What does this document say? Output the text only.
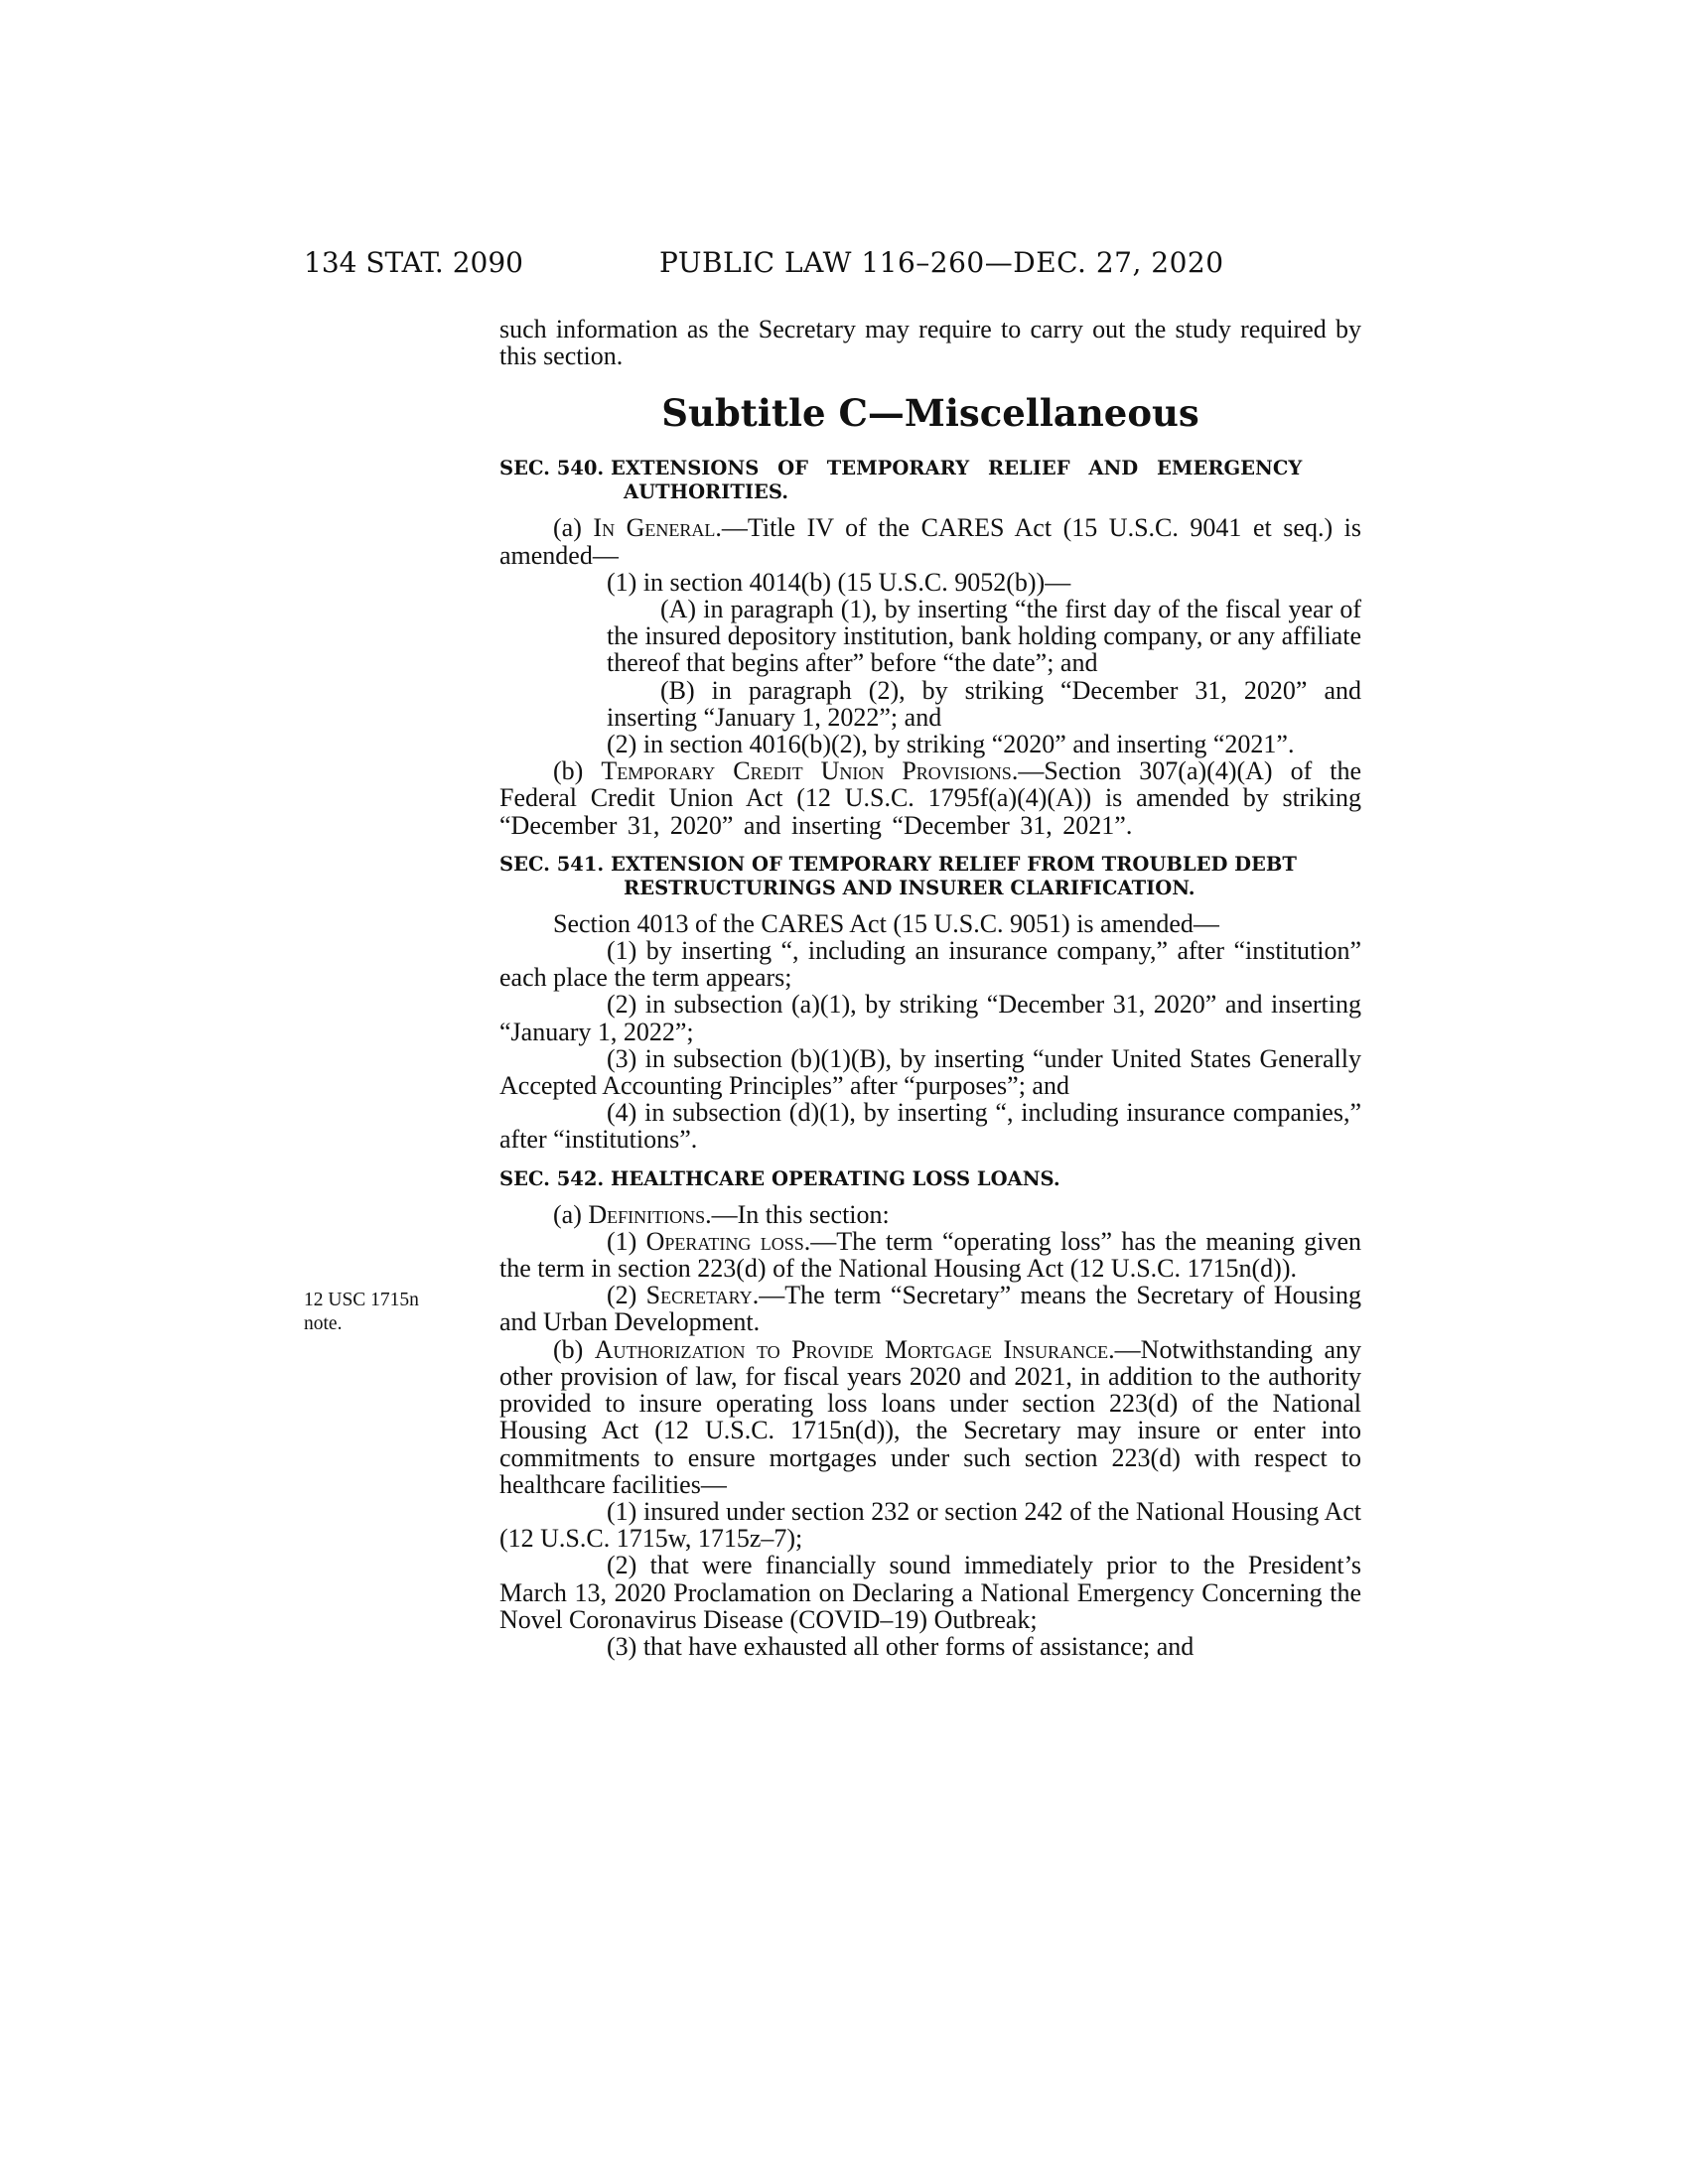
134 STAT. 2090	PUBLIC LAW 116–260—DEC. 27, 2020
12 USC 1715n
note.

such information as the Secretary may require to carry out the study required by this section.

Subtitle C—Miscellaneous
SEC. 540. EXTENSIONS OF TEMPORARY RELIEF AND EMERGENCY
AUTHORITIES.

(a) In General.—Title IV of the CARES Act (15 U.S.C. 9041 et seq.) is amended—

(1) in section 4014(b) (15 U.S.C. 9052(b))—

(A) in paragraph (1), by inserting “the first day of the fiscal year of the insured depository institution, bank holding company, or any affiliate thereof that begins after” before “the date”; and

(B) in paragraph (2), by striking “December 31, 2020” and inserting “January 1, 2022”; and

(2) in section 4016(b)(2), by striking “2020” and inserting “2021”.

(b) Temporary Credit Union Provisions.—Section 307(a)(4)(A) of the Federal Credit Union Act (12 U.S.C. 1795f(a)(4)(A)) is amended by striking “December 31, 2020” and inserting “December 31, 2021”.

SEC. 541. EXTENSION OF TEMPORARY RELIEF FROM TROUBLED DEBT
RESTRUCTURINGS AND INSURER CLARIFICATION.

Section 4013 of the CARES Act (15 U.S.C. 9051) is amended—

(1) by inserting “, including an insurance company,” after “institution” each place the term appears;

(2) in subsection (a)(1), by striking “December 31, 2020” and inserting “January 1, 2022”;

(3) in subsection (b)(1)(B), by inserting “under United States Generally Accepted Accounting Principles” after “purposes”; and

(4) in subsection (d)(1), by inserting “, including insurance companies,” after “institutions”.

SEC. 542. HEALTHCARE OPERATING LOSS LOANS.

(a) Definitions.—In this section:

(1) Operating loss.—The term “operating loss” has the meaning given the term in section 223(d) of the National Housing Act (12 U.S.C. 1715n(d)).

(2) Secretary.—The term “Secretary” means the Secretary of Housing and Urban Development.

(b) Authorization to Provide Mortgage Insurance.—Notwithstanding any other provision of law, for fiscal years 2020 and 2021, in addition to the authority provided to insure operating loss loans under section 223(d) of the National Housing Act (12 U.S.C. 1715n(d)), the Secretary may insure or enter into commitments to ensure mortgages under such section 223(d) with respect to healthcare facilities—

(1) insured under section 232 or section 242 of the National Housing Act (12 U.S.C. 1715w, 1715z–7);

(2) that were financially sound immediately prior to the President’s March 13, 2020 Proclamation on Declaring a National Emergency Concerning the Novel Coronavirus Disease (COVID–19) Outbreak;

(3) that have exhausted all other forms of assistance; and
